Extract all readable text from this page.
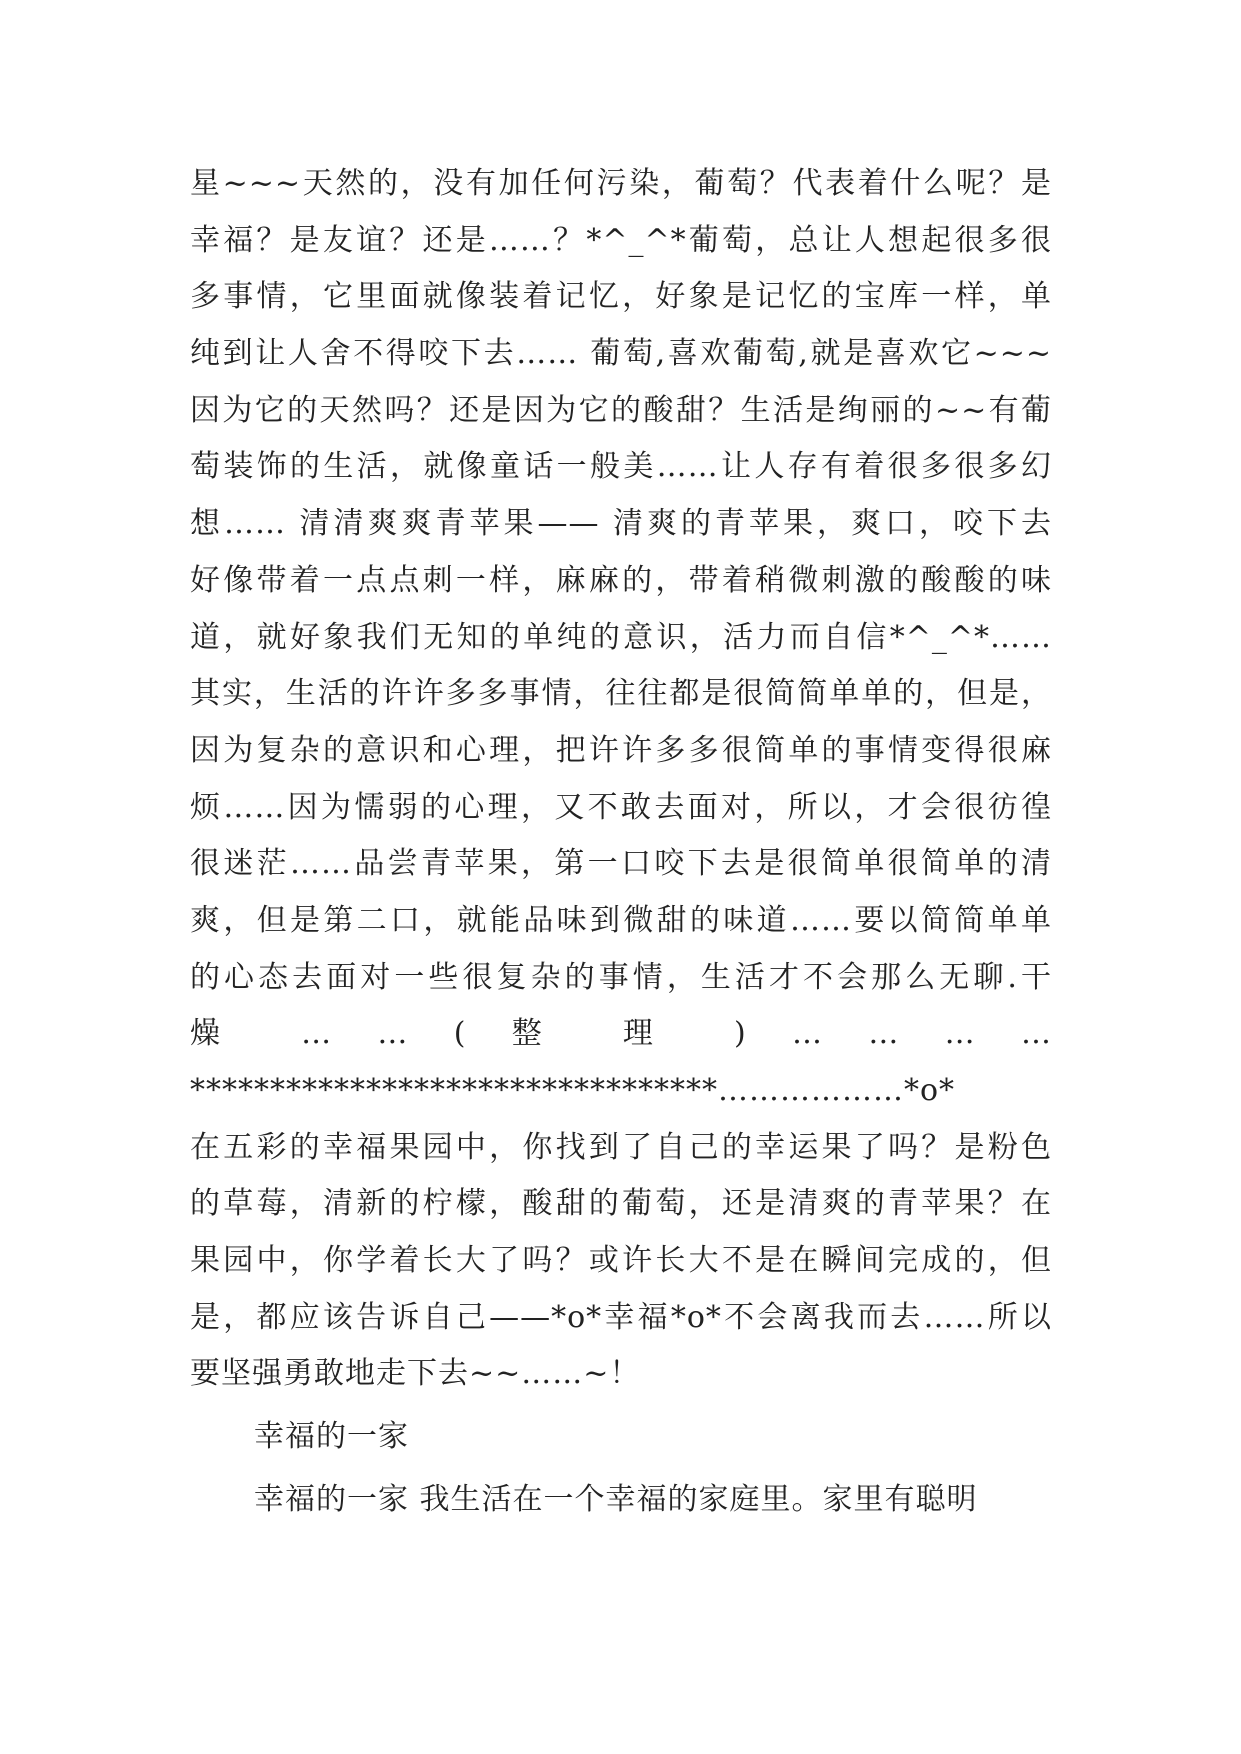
星~~~天然的，没有加任何污染，葡萄？代表着什么呢？是
幸福？是友谊？还是……？*^_^*葡萄，总让人想起很多很
多事情，它里面就像装着记忆，好象是记忆的宝库一样，单
纯到让人舍不得咬下去…… 葡萄,喜欢葡萄,就是喜欢它~~~
因为它的天然吗？还是因为它的酸甜？生活是绚丽的~~有葡
萄装饰的生活，就像童话一般美……让人存有着很多很多幻
想…… 清清爽爽青苹果—— 清爽的青苹果，爽口，咬下去
好像带着一点点刺一样，麻麻的，带着稍微刺激的酸酸的味
道，就好象我们无知的单纯的意识，活力而自信*^_^*……
其实，生活的许许多多事情，往往都是很简简单单的，但是，
因为复杂的意识和心理，把许许多多很简单的事情变得很麻
烦……因为懦弱的心理，又不敢去面对，所以，才会很彷徨
很迷茫……品尝青苹果，第一口咬下去是很简单很简单的清
爽，但是第二口，就能品味到微甜的味道……要以简简单单
的心态去面对一些很复杂的事情，生活才不会那么无聊.干
燥 … … ( 整 理 ) … … … …
*********************************………………*o*
在五彩的幸福果园中，你找到了自己的幸运果了吗？是粉色
的草莓，清新的柠檬，酸甜的葡萄，还是清爽的青苹果？在
果园中，你学着长大了吗？或许长大不是在瞬间完成的，但
是，都应该告诉自己——*o*幸福*o*不会离我而去……所以
要坚强勇敢地走下去~~……~！
幸福的一家
幸福的一家 我生活在一个幸福的家庭里。家里有聪明
